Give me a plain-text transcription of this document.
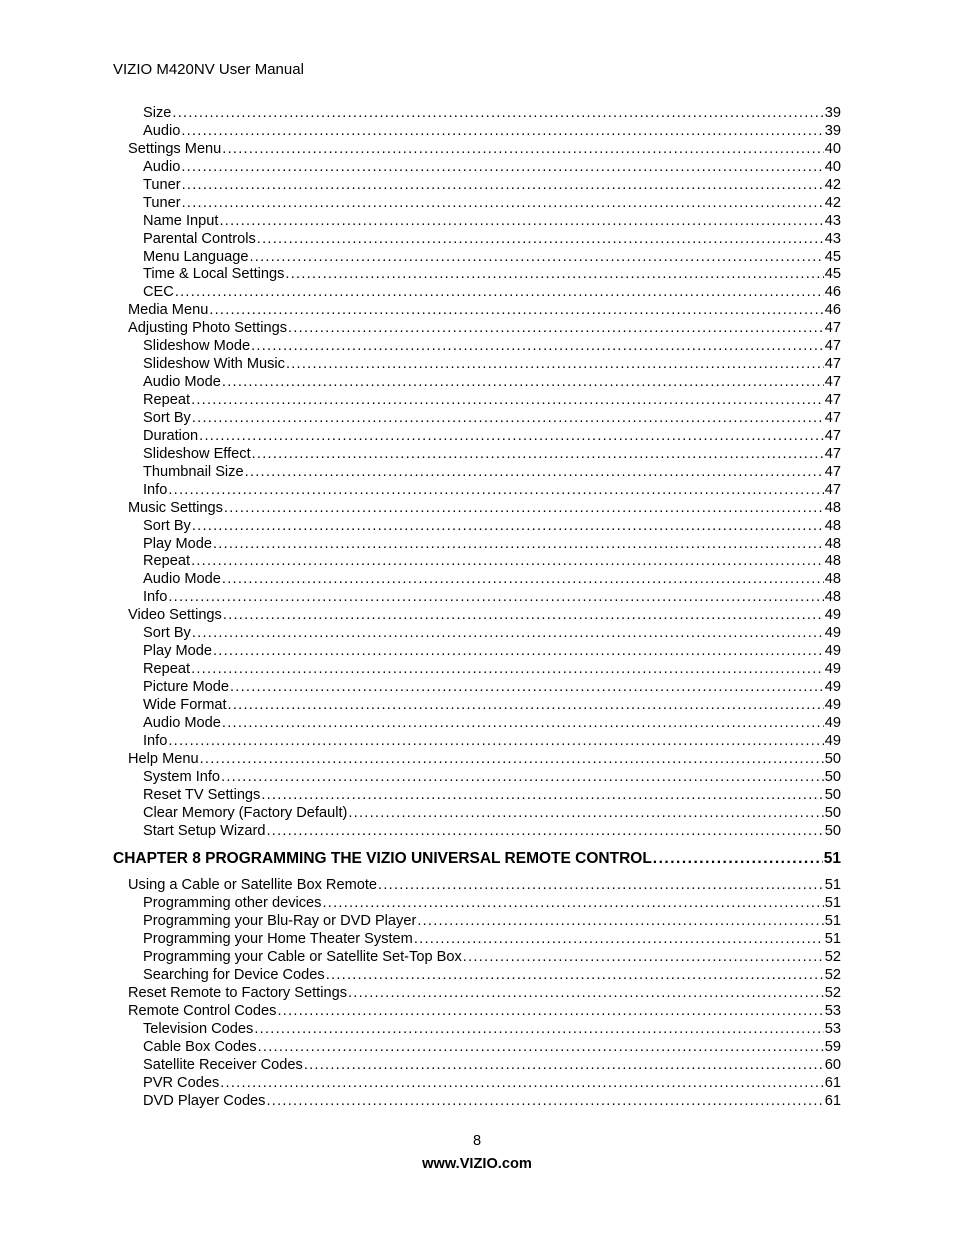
VIZIO M420NV User Manual
Size . . .	39
Audio . . .	39
Settings Menu . . .	40
Audio . . .	40
Tuner . . .	42
Tuner . . .	42
Name Input . . .	43
Parental Controls . . .	43
Menu Language . . .	45
Time & Local Settings . . .	45
CEC . . .	46
Media Menu . . .	46
Adjusting Photo Settings . . .	47
Slideshow Mode . . .	47
Slideshow With Music . . .	47
Audio Mode . . .	47
Repeat . . .	47
Sort By . . .	47
Duration . . .	47
Slideshow Effect . . .	47
Thumbnail Size . . .	47
Info . . .	47
Music Settings . . .	48
Sort By . . .	48
Play Mode . . .	48
Repeat . . .	48
Audio Mode . . .	48
Info . . .	48
Video Settings . . .	49
Sort By . . .	49
Play Mode . . .	49
Repeat . . .	49
Picture Mode . . .	49
Wide Format . . .	49
Audio Mode . . .	49
Info . . .	49
Help Menu . . .	50
System Info . . .	50
Reset TV Settings . . .	50
Clear Memory (Factory Default) . . .	50
Start Setup Wizard . . .	50
CHAPTER 8 PROGRAMMING THE VIZIO UNIVERSAL REMOTE CONTROL . . .	51
Using a Cable or Satellite Box Remote . . .	51
Programming other devices . . .	51
Programming your Blu-Ray or DVD Player . . .	51
Programming your Home Theater System . . .	51
Programming your Cable or Satellite Set-Top Box . . .	52
Searching for Device Codes . . .	52
Reset Remote to Factory Settings . . .	52
Remote Control Codes . . .	53
Television Codes . . .	53
Cable Box Codes . . .	59
Satellite Receiver Codes . . .	60
PVR Codes . . .	61
DVD Player Codes . . .	61
8
www.VIZIO.com
